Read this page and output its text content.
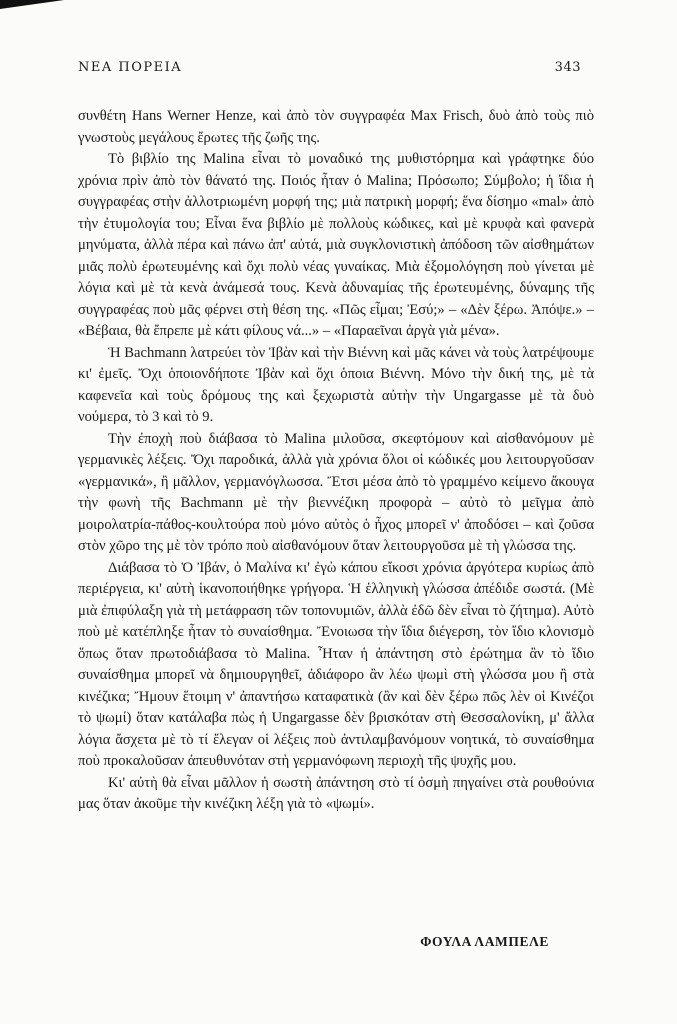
ΝΕΑ ΠΟΡΕΙΑ	343

συνθέτη Hans Werner Henze, καὶ ἀπὸ τὸν συγγραφέα Max Frisch, δυὸ ἀπὸ τοὺς πιὸ γνωστοὺς μεγάλους ἔρωτες τῆς ζωῆς της.

Τὸ βιβλίο της Malina εἶναι τὸ μοναδικό της μυθιστόρημα καὶ γράφτηκε δύο χρόνια πρὶν ἀπὸ τὸν θάνατό της. Ποιός ἦταν ὁ Malina; Πρόσωπο; Σύμβολο; ἡ ἴδια ἡ συγγραφέας στὴν ἀλλοτριωμένη μορφή της; μιὰ πατρικὴ μορφή; ἕνα δίσημο «mal» ἀπὸ τὴν ἐτυμολογία του; Εἶναι ἕνα βιβλίο μὲ πολλοὺς κώδικες, καὶ μὲ κρυφὰ καὶ φανερὰ μηνύματα, ἀλλὰ πέρα καὶ πάνω ἀπ' αὐτά, μιὰ συγκλονιστικὴ ἀπόδοση τῶν αἰσθημάτων μιᾶς πολὺ ἐρωτευμένης καὶ ὄχι πολὺ νέας γυναίκας. Μιὰ ἐξομολόγηση ποὺ γίνεται μὲ λόγια καὶ μὲ τὰ κενὰ ἀνάμεσά τους. Κενὰ ἀδυναμίας τῆς ἐρωτευμένης, δύναμης τῆς συγγραφέας ποὺ μᾶς φέρνει στὴ θέση της. «Πῶς εἶμαι; Ἐσύ;» – «Δὲν ξέρω. Ἀπόψε.» – «Βέβαια, θὰ ἔπρεπε μὲ κάτι φίλους νά...» – «Παραεῖναι ἀργὰ γιὰ μένα».

Ἡ Bachmann λατρεύει τὸν Ἰβὰν καὶ τὴν Βιέννη καὶ μᾶς κάνει νὰ τοὺς λατρέψουμε κι' ἐμεῖς. Ὄχι ὁποιονδήποτε Ἰβὰν καὶ ὄχι ὁποια Βιέννη. Μόνο τὴν δική της, μὲ τὰ καφενεῖα καὶ τοὺς δρόμους της καὶ ξεχωριστὰ αὐτὴν τὴν Ungargasse μὲ τὰ δυὸ νούμερα, τὸ 3 καὶ τὸ 9.

Τὴν ἐποχὴ ποὺ διάβασα τὸ Malina μιλοῦσα, σκεφτόμουν καὶ αἰσθανόμουν μὲ γερμανικὲς λέξεις. Ὄχι παροδικά, ἀλλὰ γιὰ χρόνια ὅλοι οἱ κώδικές μου λειτουργοῦσαν «γερμανικά», ἢ μᾶλλον, γερμανόγλωσσα. Ἔτσι μέσα ἀπὸ τὸ γραμμένο κείμενο ἄκουγα τὴν φωνὴ τῆς Bachmann μὲ τὴν βιεννέζικη προφορὰ – αὐτὸ τὸ μεῖγμα ἀπὸ μοιρολατρία-πάθος-κουλτούρα ποὺ μόνο αὐτὸς ὁ ἦχος μπορεῖ ν' ἀποδόσει – καὶ ζοῦσα στὸν χῶρο της μὲ τὸν τρόπο ποὺ αἰσθανόμουν ὅταν λειτουργοῦσα μὲ τὴ γλώσσα της.

Διάβασα τὸ Ὁ Ἰβάν, ὁ Μαλίνα κι' ἐγὼ κάπου εἴκοσι χρόνια ἀργότερα κυρίως ἀπὸ περιέργεια, κι' αὐτὴ ἱκανοποιήθηκε γρήγορα. Ἡ ἑλληνικὴ γλώσσα ἀπέδιδε σωστά. (Μὲ μιὰ ἐπιφύλαξη γιὰ τὴ μετάφραση τῶν τοπονυμιῶν, ἀλλὰ ἐδῶ δὲν εἶναι τὸ ζήτημα). Αὐτὸ ποὺ μὲ κατέπληξε ἦταν τὸ συναίσθημα. Ἔνοιωσα τὴν ἴδια διέγερση, τὸν ἴδιο κλονισμὸ ὅπως ὅταν πρωτοδιάβασα τὸ Malina. Ἦταν ἡ ἀπάντηση στὸ ἐρώτημα ἂν τὸ ἴδιο συναίσθημα μπορεῖ νὰ δημιουργηθεῖ, ἀδιάφορο ἂν λέω ψωμὶ στὴ γλώσσα μου ἢ στὰ κινέζικα; Ἤμουν ἕτοιμη ν' ἀπαντήσω καταφατικὰ (ἂν καὶ δὲν ξέρω πῶς λὲν οἱ Κινέζοι τὸ ψωμί) ὅταν κατάλαβα πὼς ἡ Ungargasse δὲν βρισκόταν στὴ Θεσσαλονίκη, μ' ἄλλα λόγια ἄσχετα μὲ τὸ τί ἔλεγαν οἱ λέξεις ποὺ ἀντιλαμβανόμουν νοητικά, τὸ συναίσθημα ποὺ προκαλοῦσαν ἀπευθυνόταν στὴ γερμανόφωνη περιοχὴ τῆς ψυχῆς μου.

Κι' αὐτὴ θὰ εἶναι μᾶλλον ἡ σωστὴ ἀπάντηση στὸ τί ὀσμὴ πηγαίνει στὰ ρουθούνια μας ὅταν ἀκοῦμε τὴν κινέζικη λέξη γιὰ τὸ «ψωμί».

ΦΟΥΛΑ ΛΑΜΠΕΛΕ
